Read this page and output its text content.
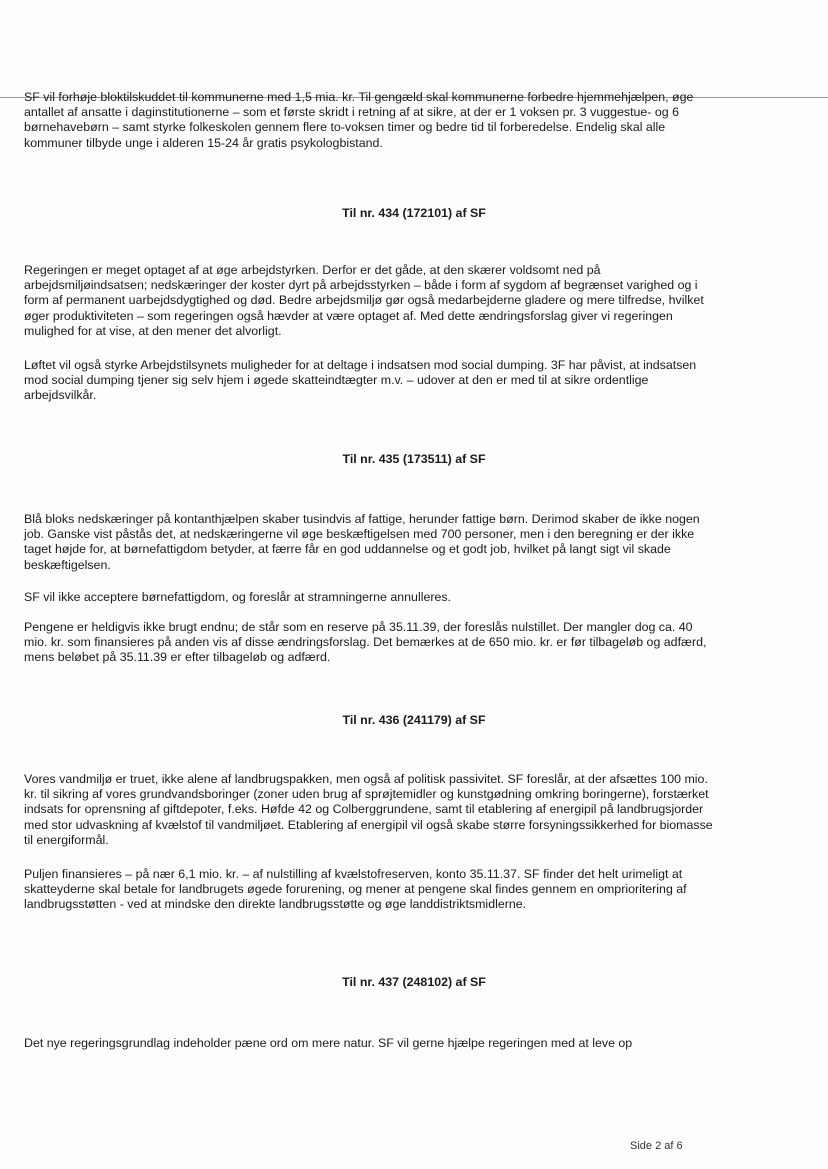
SF vil forhøje bloktilskuddet til kommunerne med 1,5 mia. kr. Til gengæld skal kommunerne forbedre hjemmehjælpen, øge antallet af ansatte i daginstitutionerne – som et første skridt i retning af at sikre, at der er 1 voksen pr. 3 vuggestue- og 6 børnehavebørn – samt styrke folkeskolen gennem flere to-voksen timer og bedre tid til forberedelse. Endelig skal alle kommuner tilbyde unge i alderen 15-24 år gratis psykologbistand.

Til nr. 434 (172101) af SF

Regeringen er meget optaget af at øge arbejdstyrken. Derfor er det gåde, at den skærer voldsomt ned på arbejdsmiljøindsatsen; nedskæringer der koster dyrt på arbejdsstyrken – både i form af sygdom af begrænset varighed og i form af permanent uarbejdsdygtighed og død. Bedre arbejdsmiljø gør også medarbejderne gladere og mere tilfredse, hvilket øger produktiviteten – som regeringen også hævder at være optaget af. Med dette ændringsforslag giver vi regeringen mulighed for at vise, at den mener det alvorligt.

Løftet vil også styrke Arbejdstilsynets muligheder for at deltage i indsatsen mod social dumping. 3F har påvist, at indsatsen mod social dumping tjener sig selv hjem i øgede skatteindtægter m.v. – udover at den er med til at sikre ordentlige arbejdsvilkår.

Til nr. 435 (173511) af SF

Blå bloks nedskæringer på kontanthjælpen skaber tusindvis af fattige, herunder fattige børn. Derimod skaber de ikke nogen job. Ganske vist påstås det, at nedskæringerne vil øge beskæftigelsen med 700 personer, men i den beregning er der ikke taget højde for, at børnefattigdom betyder, at færre får en god uddannelse og et godt job, hvilket på langt sigt vil skade beskæftigelsen.

SF vil ikke acceptere børnefattigdom, og foreslår at stramningerne annulleres.

Pengene er heldigvis ikke brugt endnu; de står som en reserve på 35.11.39, der foreslås nulstillet. Der mangler dog ca. 40 mio. kr. som finansieres på anden vis af disse ændringsforslag. Det bemærkes at de 650 mio. kr. er før tilbageløb og adfærd, mens beløbet på 35.11.39 er efter tilbageløb og adfærd.

Til nr. 436 (241179) af SF

Vores vandmiljø er truet, ikke alene af landbrugspakken, men også af politisk passivitet. SF foreslår, at der afsættes 100 mio. kr. til sikring af vores grundvandsboringer (zoner uden brug af sprøjtemidler og kunstgødning omkring boringerne), forstærket indsats for oprensning af giftdepoter, f.eks. Høfde 42 og Colberggrundene, samt til etablering af energipil på landbrugsjorder med stor udvaskning af kvælstof til vandmiljøet. Etablering af energipil vil også skabe større forsyningssikkerhed for biomasse til energiformål.

Puljen finansieres – på nær 6,1 mio. kr. – af nulstilling af kvælstofreserven, konto 35.11.37. SF finder det helt urimeligt at skatteyderne skal betale for landbrugets øgede forurening, og mener at pengene skal findes gennem en omprioritering af landbrugsstøtten - ved at mindske den direkte landbrugsstøtte og øge landdistriktsmidlerne.

Til nr. 437 (248102) af SF

Det nye regeringsgrundlag indeholder pæne ord om mere natur. SF vil gerne hjælpe regeringen med at leve op

Side 2 af 6
